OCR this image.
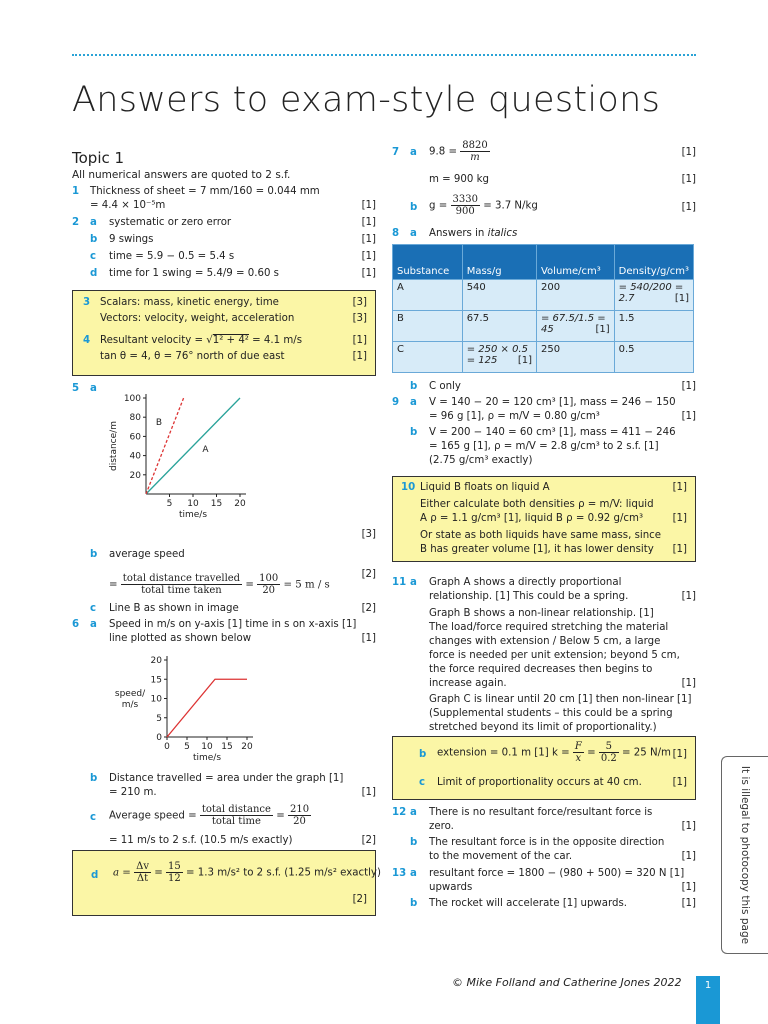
Answers to exam-style questions
Topic 1
All numerical answers are quoted to 2 s.f.
1 Thickness of sheet = 7 mm/160 = 0.044 mm
= 4.4 × 10⁻⁵m	[1]
2 a systematic or zero error	[1]
b 9 swings	[1]
c time = 5.9 − 0.5 = 5.4 s	[1]
d time for 1 swing = 5.4/9 = 0.60 s	[1]
3 Scalars: mass, kinetic energy, time	[3]
Vectors: velocity, weight, acceleration	[3]
4 Resultant velocity = √1² + 4² = 4.1 m/s	[1]
tan θ = 4, θ = 76° north of due east	[1]
5 a
5 10 15 20
20
40
60
80
100
time/s
distance/m	A
B
[3]
b average speed
= $\frac{\text{total distance travelled}}{\text{total time taken}} = \frac{100}{20} = 5$ m / s
[2]
c Line B as shown in image	[2]
6 a Speed in m/s on y-axis [1] time in s on x-axis [1]
line plotted as shown below	[1]
0 5 10 15 20
0
5
10
15
20
time/s
speed/
m/s
b Distance travelled = area under the graph [1]
= 210 m.	[1]
c Average speed = $\frac{\text{total distance}}{\text{total time}} = \frac{210}{20}$
= 11 m/s to 2 s.f. (10.5 m/s exactly)	[2]
d $a = \frac{\Delta v}{\Delta t} = \frac{15}{12} = 1.3$ m/s² to 2 s.f. (1.25 m/s² exactly)
[2]
7 a $9.8 = \frac{8820}{m}$	[1]
m = 900 kg	[1]
b $g = \frac{3330}{900} = 3.7$ N/kg	[1]
8 a Answers in italics
Substance	Mass/g	Volume/cm³	Density/g/cm³
A	540	200	= 540/200 = 2.7 [1]

B	67.5	= 67.5/1.5 = 45 [1]	1.5
C	= 250 × 0.5 = 125 [1]	250	0.5
b C only	[1]
9 a V = 140 − 20 = 120 cm³ [1], mass = 246 − 150
= 96 g [1], ρ = m/V = 0.80 g/cm³	[1]
b V = 200 − 140 = 60 cm³ [1], mass = 411 − 246
= 165 g [1], ρ = m/V = 2.8 g/cm³ to 2 s.f. [1]
(2.75 g/cm³ exactly)
10 Liquid B floats on liquid A	[1]
Either calculate both densities ρ = m/V: liquid
A ρ = 1.1 g/cm³ [1], liquid B ρ = 0.92 g/cm³	[1]
Or state as both liquids have same mass, since
B has greater volume [1], it has lower density [1]
11 a Graph A shows a directly proportional
relationship. [1] This could be a spring.	[1]
Graph B shows a non-linear relationship. [1]
The load/force required stretching the material
changes with extension / Below 5 cm, a large
force is needed per unit extension; beyond 5 cm,
the force required decreases then begins to
increase again.	[1]
Graph C is linear until 20 cm [1] then non-linear [1]
(Supplemental students – this could be a spring
stretched beyond its limit of proportionality.)
b extension = 0.1 m [1] $k = \frac{F}{x} = \frac{5}{0.2} = 25$ N/m [1]
c Limit of proportionality occurs at 40 cm.	[1]
12 a There is no resultant force/resultant force is
zero.	[1]
b The resultant force is in the opposite direction
to the movement of the car.	[1]
13 a resultant force = 1800 − (980 + 500) = 320 N [1]
upwards	[1]
b The rocket will accelerate [1] upwards.	[1]	It is illegal to photocopy this page
© Mike Folland and Catherine Jones 2022	1
